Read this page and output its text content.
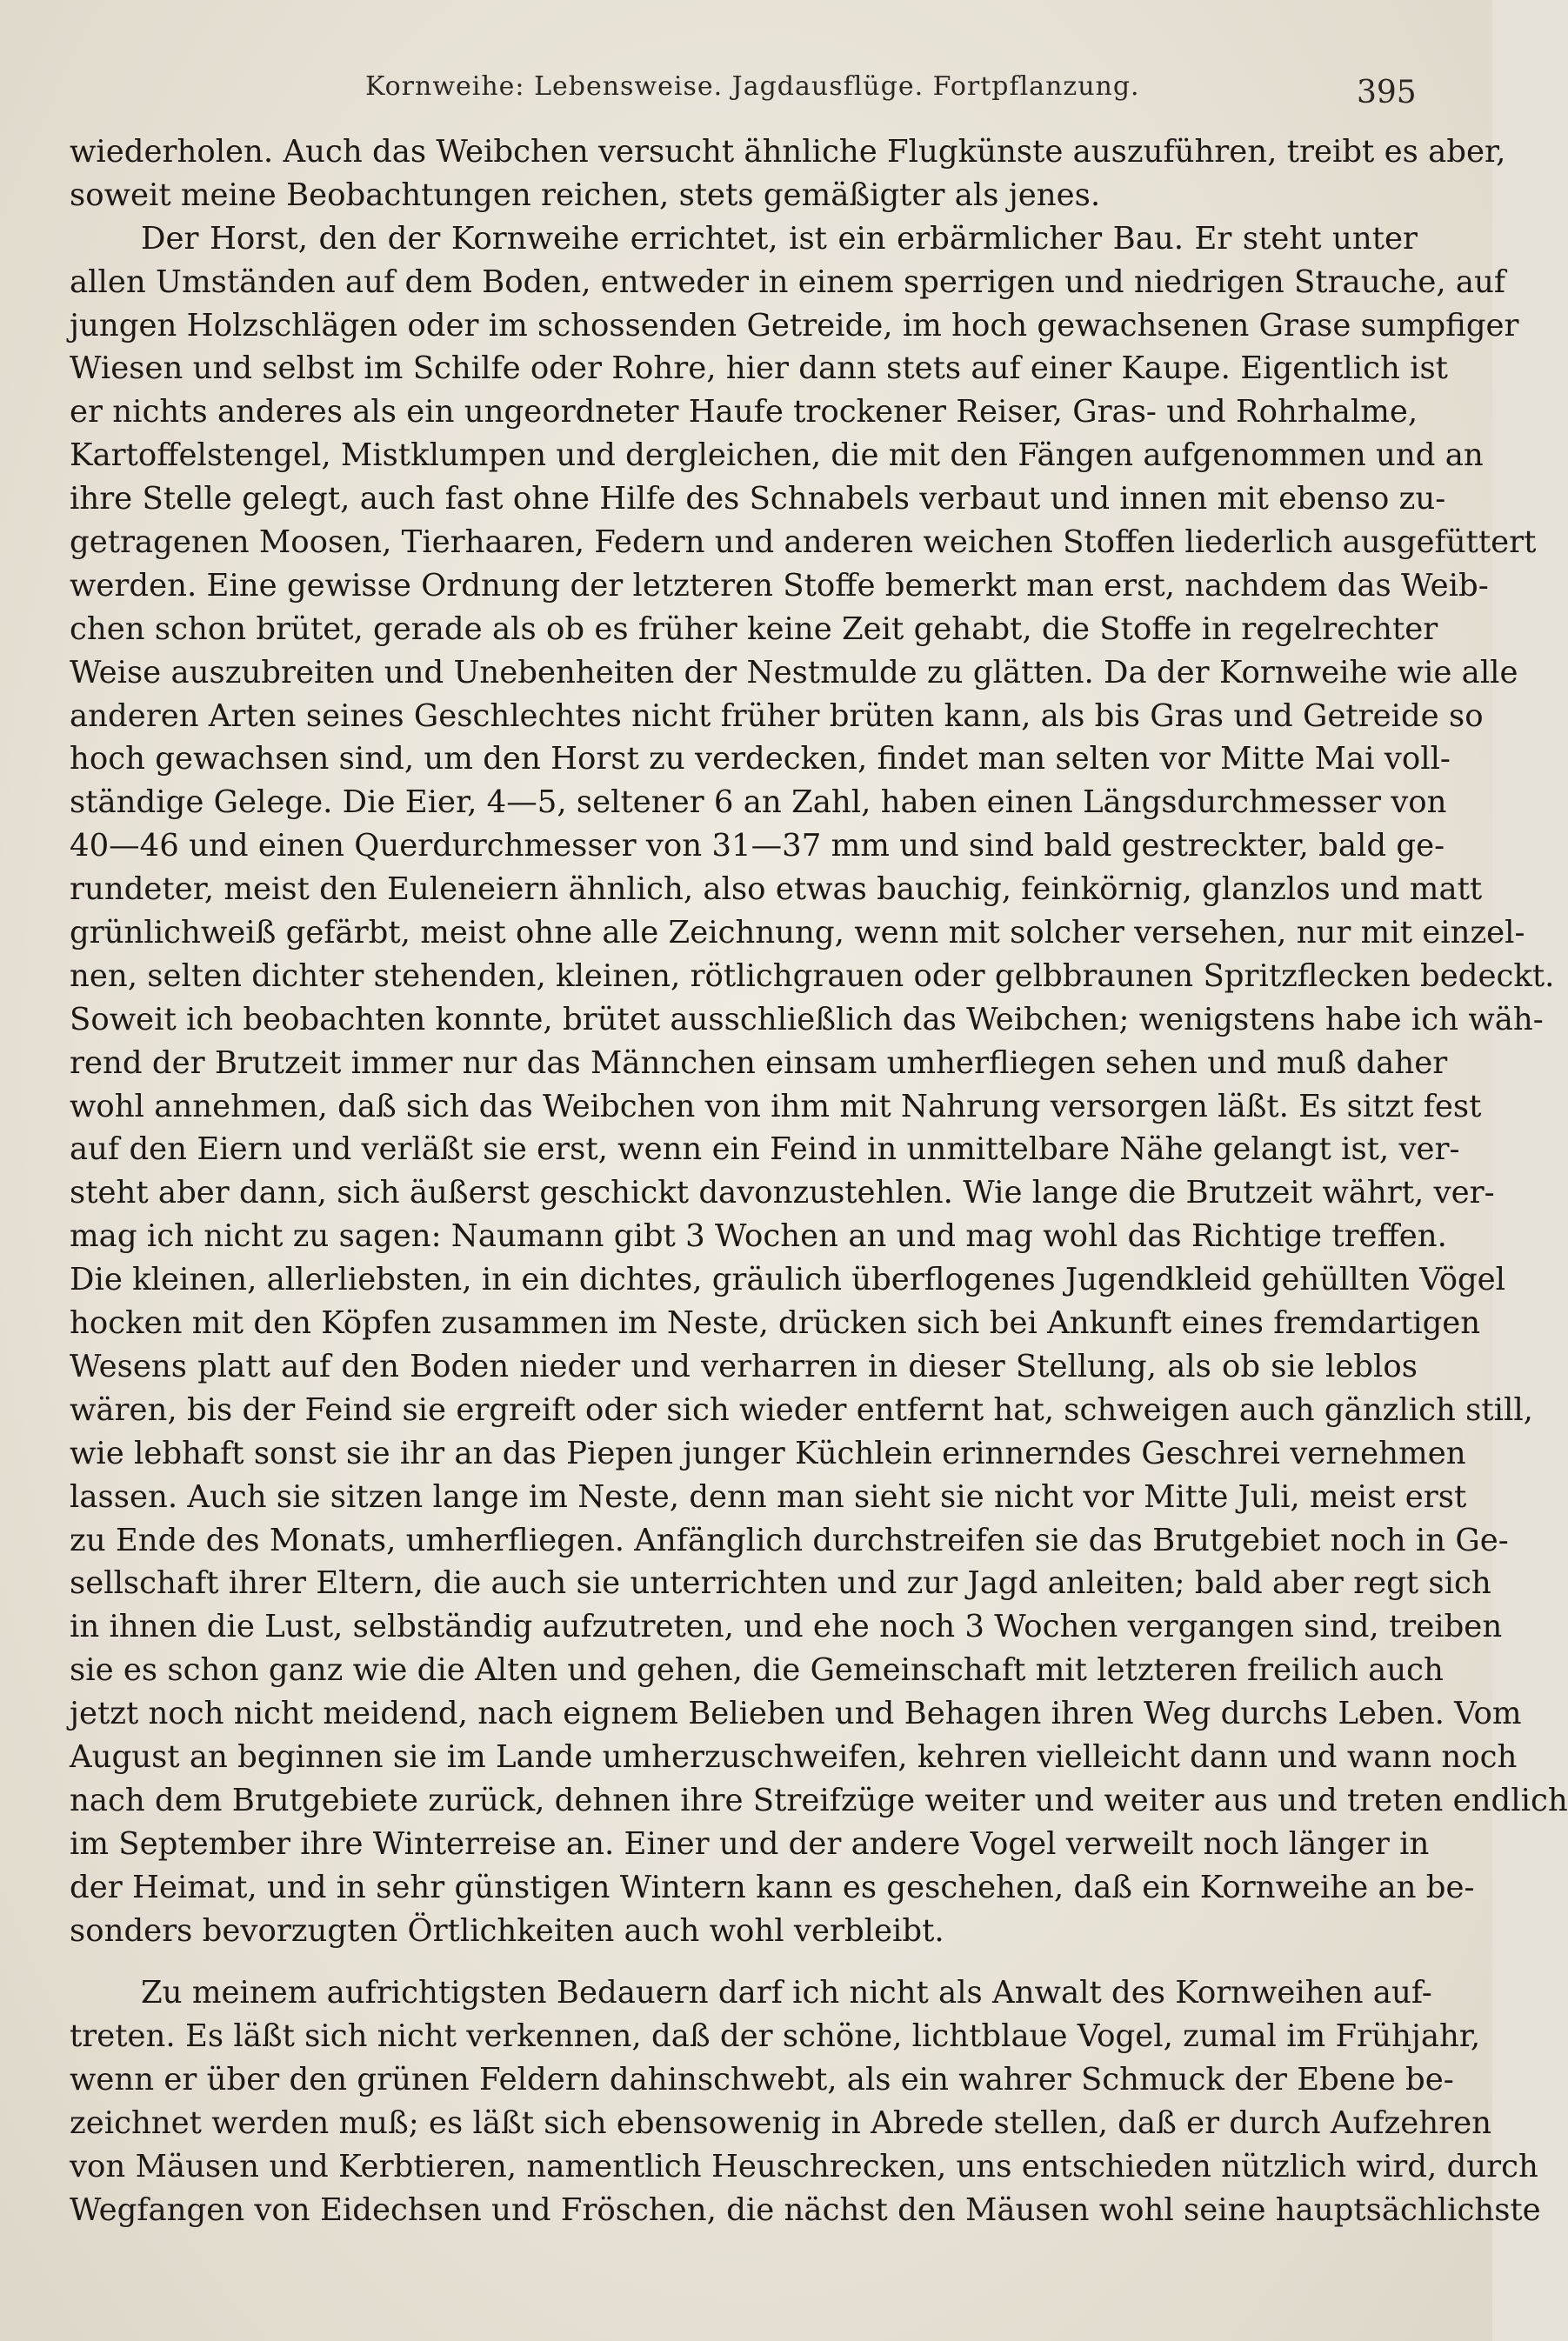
Kornweihe: Lebensweise. Jagdausflüge. Fortpflanzung.	395
wiederholen. Auch das Weibchen versucht ähnliche Flugkünste auszuführen, treibt es aber,
soweit meine Beobachtungen reichen, stets gemäßigter als jenes.
Der Horst, den der Kornweihe errichtet, ist ein erbärmlicher Bau. Er steht unter
allen Umständen auf dem Boden, entweder in einem sperrigen und niedrigen Strauche, auf
jungen Holzschlägen oder im schossenden Getreide, im hoch gewachsenen Grase sumpfiger
Wiesen und selbst im Schilfe oder Rohre, hier dann stets auf einer Kaupe. Eigentlich ist
er nichts anderes als ein ungeordneter Haufe trockener Reiser, Gras- und Rohrhalme,
Kartoffelstengel, Mistklumpen und dergleichen, die mit den Fängen aufgenommen und an
ihre Stelle gelegt, auch fast ohne Hilfe des Schnabels verbaut und innen mit ebenso zu-
getragenen Moosen, Tierhaaren, Federn und anderen weichen Stoffen liederlich ausgefüttert
werden. Eine gewisse Ordnung der letzteren Stoffe bemerkt man erst, nachdem das Weib-
chen schon brütet, gerade als ob es früher keine Zeit gehabt, die Stoffe in regelrechter
Weise auszubreiten und Unebenheiten der Nestmulde zu glätten. Da der Kornweihe wie alle
anderen Arten seines Geschlechtes nicht früher brüten kann, als bis Gras und Getreide so
hoch gewachsen sind, um den Horst zu verdecken, findet man selten vor Mitte Mai voll-
ständige Gelege. Die Eier, 4—5, seltener 6 an Zahl, haben einen Längsdurchmesser von
40—46 und einen Querdurchmesser von 31—37 mm und sind bald gestreckter, bald ge-
rundeter, meist den Euleneiern ähnlich, also etwas bauchig, feinkörnig, glanzlos und matt
grünlichweiß gefärbt, meist ohne alle Zeichnung, wenn mit solcher versehen, nur mit einzel-
nen, selten dichter stehenden, kleinen, rötlichgrauen oder gelbbraunen Spritzflecken bedeckt.
Soweit ich beobachten konnte, brütet ausschließlich das Weibchen; wenigstens habe ich wäh-
rend der Brutzeit immer nur das Männchen einsam umherfliegen sehen und muß daher
wohl annehmen, daß sich das Weibchen von ihm mit Nahrung versorgen läßt. Es sitzt fest
auf den Eiern und verläßt sie erst, wenn ein Feind in unmittelbare Nähe gelangt ist, ver-
steht aber dann, sich äußerst geschickt davonzustehlen. Wie lange die Brutzeit währt, ver-
mag ich nicht zu sagen: Naumann gibt 3 Wochen an und mag wohl das Richtige treffen.
Die kleinen, allerliebsten, in ein dichtes, gräulich überflogenes Jugendkleid gehüllten Vögel
hocken mit den Köpfen zusammen im Neste, drücken sich bei Ankunft eines fremdartigen
Wesens platt auf den Boden nieder und verharren in dieser Stellung, als ob sie leblos
wären, bis der Feind sie ergreift oder sich wieder entfernt hat, schweigen auch gänzlich still,
wie lebhaft sonst sie ihr an das Piepen junger Küchlein erinnerndes Geschrei vernehmen
lassen. Auch sie sitzen lange im Neste, denn man sieht sie nicht vor Mitte Juli, meist erst
zu Ende des Monats, umherfliegen. Anfänglich durchstreifen sie das Brutgebiet noch in Ge-
sellschaft ihrer Eltern, die auch sie unterrichten und zur Jagd anleiten; bald aber regt sich
in ihnen die Lust, selbständig aufzutreten, und ehe noch 3 Wochen vergangen sind, treiben
sie es schon ganz wie die Alten und gehen, die Gemeinschaft mit letzteren freilich auch
jetzt noch nicht meidend, nach eignem Belieben und Behagen ihren Weg durchs Leben. Vom
August an beginnen sie im Lande umherzuschweifen, kehren vielleicht dann und wann noch
nach dem Brutgebiete zurück, dehnen ihre Streifzüge weiter und weiter aus und treten endlich
im September ihre Winterreise an. Einer und der andere Vogel verweilt noch länger in
der Heimat, und in sehr günstigen Wintern kann es geschehen, daß ein Kornweihe an be-
sonders bevorzugten Örtlichkeiten auch wohl verbleibt.
Zu meinem aufrichtigsten Bedauern darf ich nicht als Anwalt des Kornweihen auf-
treten. Es läßt sich nicht verkennen, daß der schöne, lichtblaue Vogel, zumal im Frühjahr,
wenn er über den grünen Feldern dahinschwebt, als ein wahrer Schmuck der Ebene be-
zeichnet werden muß; es läßt sich ebensowenig in Abrede stellen, daß er durch Aufzehren
von Mäusen und Kerbtieren, namentlich Heuschrecken, uns entschieden nützlich wird, durch
Wegfangen von Eidechsen und Fröschen, die nächst den Mäusen wohl seine hauptsächlichste
